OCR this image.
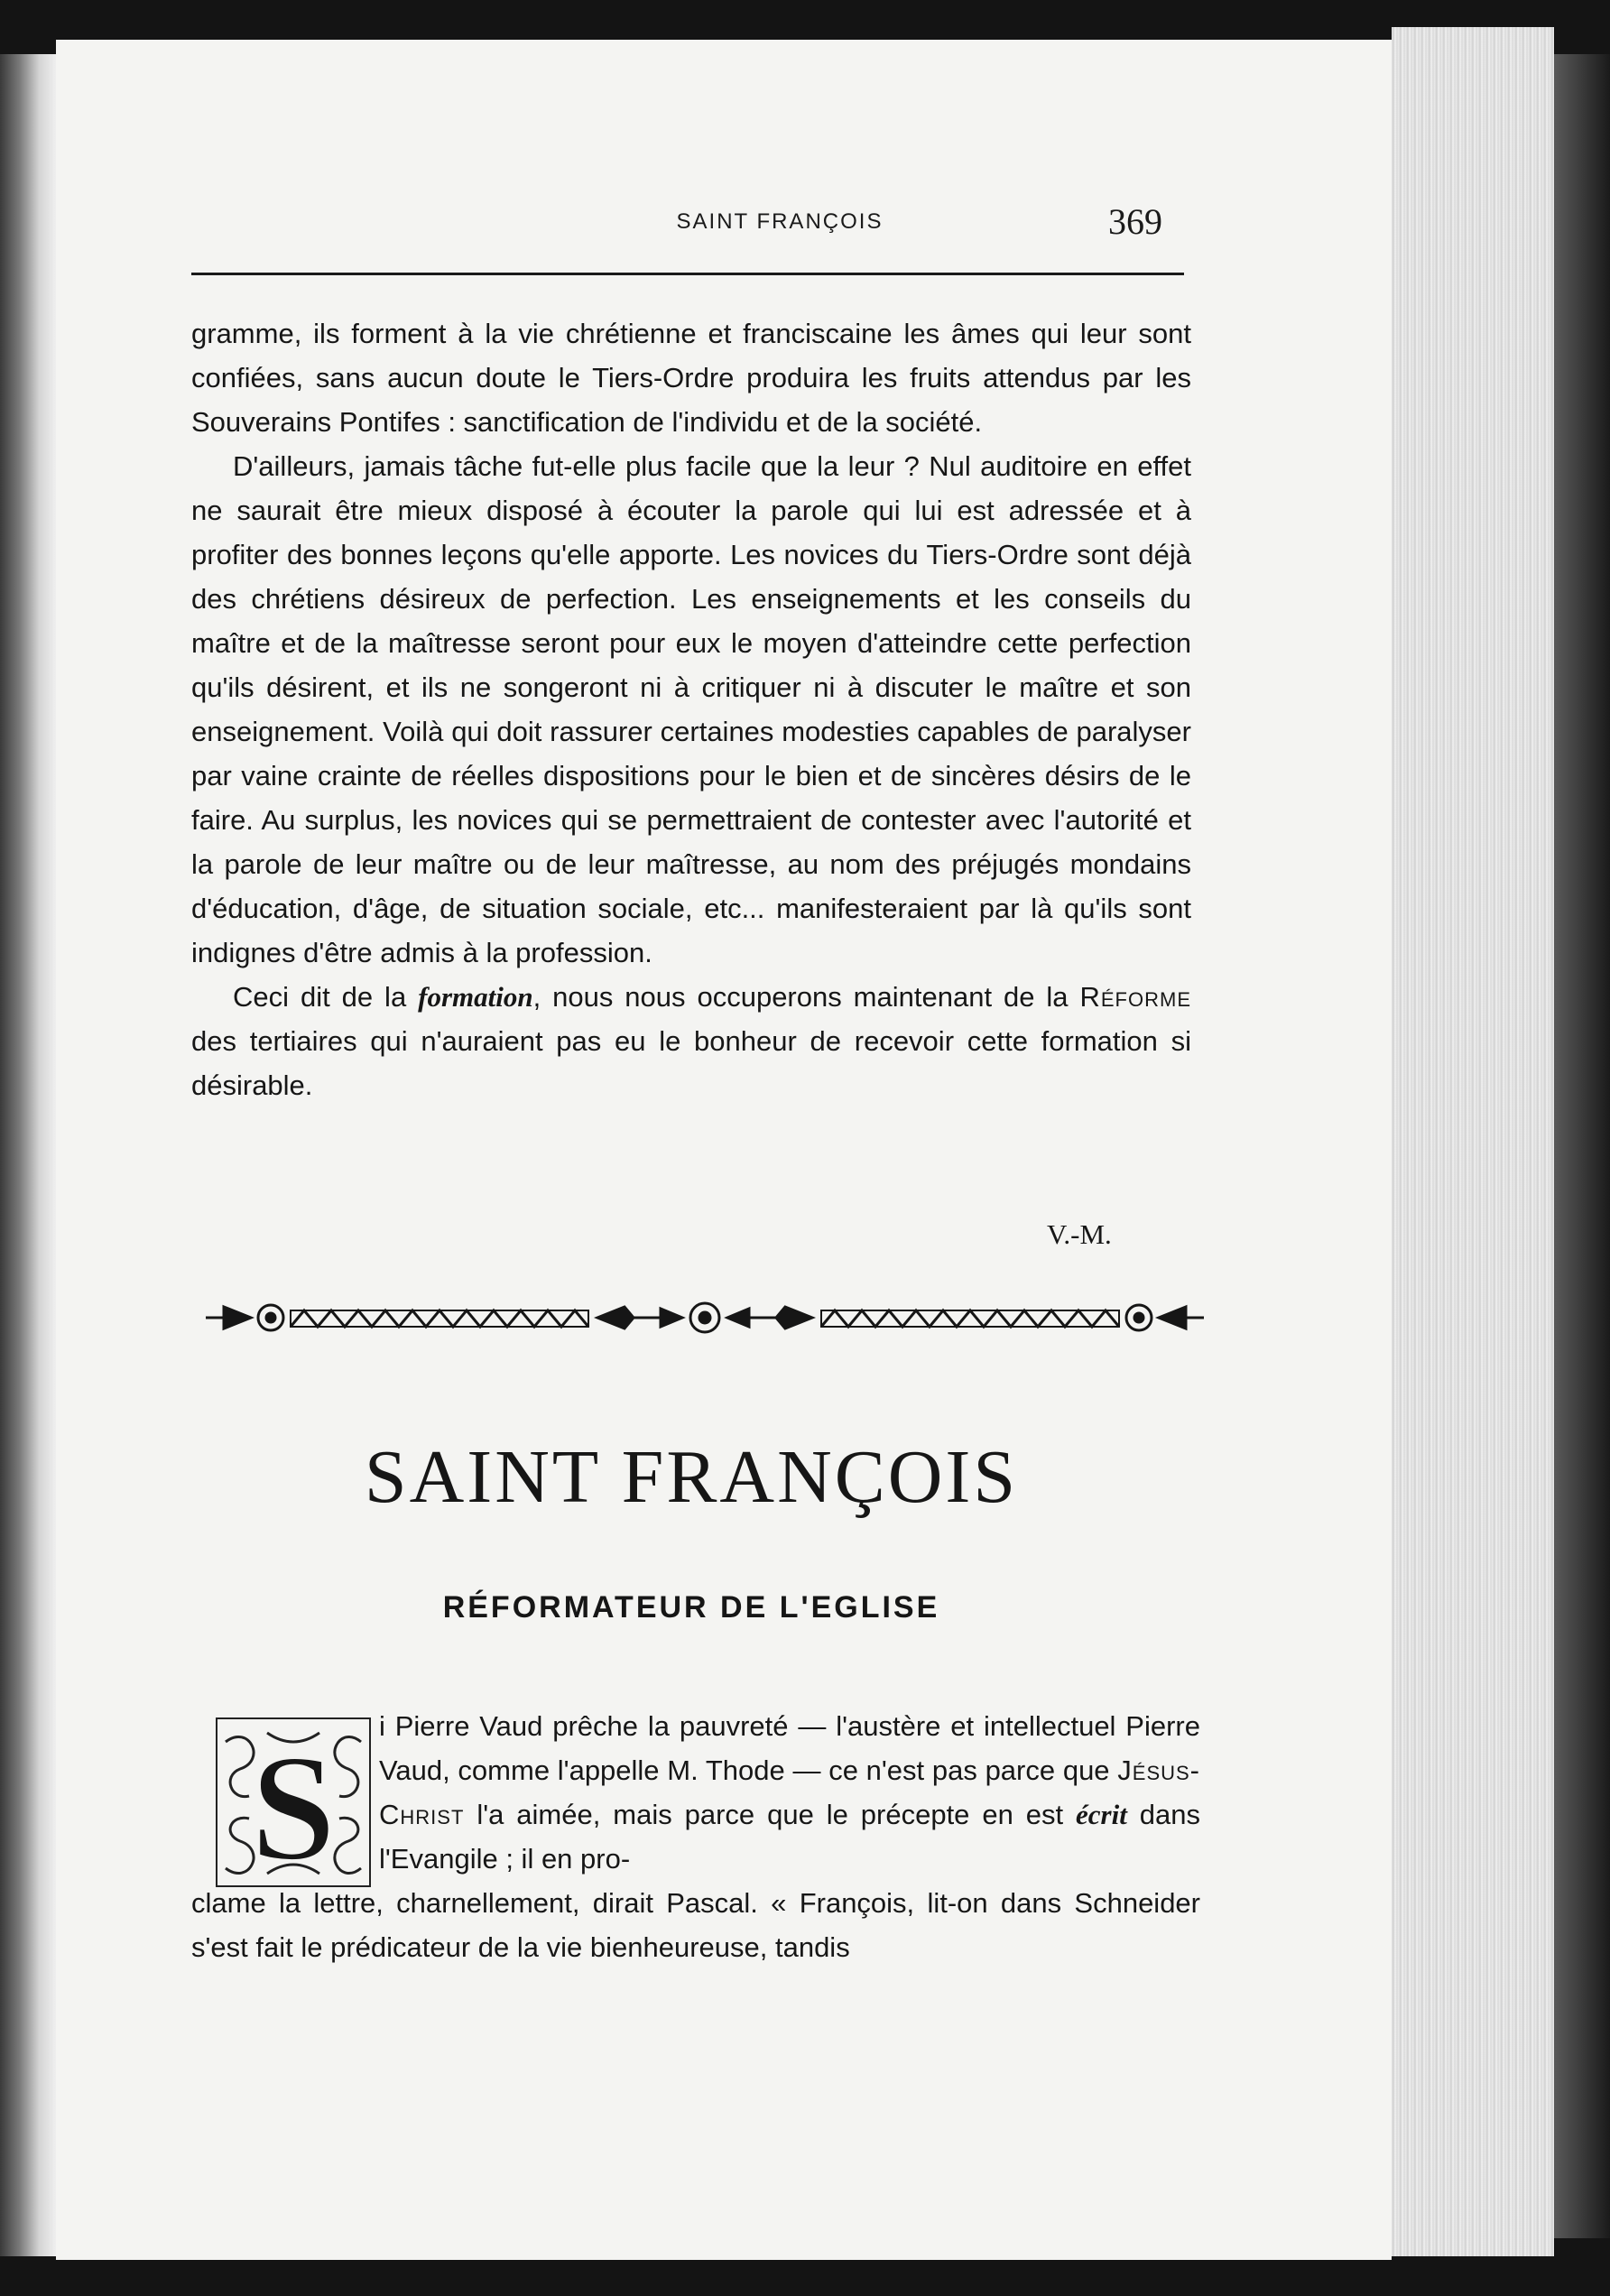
SAINT FRANÇOIS	369

gramme, ils forment à la vie chrétienne et franciscaine les âmes qui leur sont confiées, sans aucun doute le Tiers-Ordre produira les fruits attendus par les Souverains Pontifes : sanctification de l'individu et de la société.

D'ailleurs, jamais tâche fut-elle plus facile que la leur ? Nul auditoire en effet ne saurait être mieux disposé à écouter la parole qui lui est adressée et à profiter des bonnes leçons qu'elle apporte. Les novices du Tiers-Ordre sont déjà des chrétiens désireux de perfection. Les enseignements et les conseils du maître et de la maîtresse seront pour eux le moyen d'atteindre cette perfection qu'ils désirent, et ils ne songeront ni à critiquer ni à discuter le maître et son enseignement. Voilà qui doit rassurer certaines modesties capables de paralyser par vaine crainte de réelles dispositions pour le bien et de sincères désirs de le faire. Au surplus, les novices qui se permettraient de contester avec l'autorité et la parole de leur maître ou de leur maîtresse, au nom des préjugés mondains d'éducation, d'âge, de situation sociale, etc... manifesteraient par là qu'ils sont indignes d'être admis à la profession.

Ceci dit de la formation, nous nous occuperons maintenant de la Réforme des tertiaires qui n'auraient pas eu le bonheur de recevoir cette formation si désirable.

V.-M.
SAINT FRANÇOIS
RÉFORMATEUR DE L'EGLISE
S	i Pierre Vaud prêche la pauvreté — l'austère et intellectuel Pierre Vaud, comme l'appelle M. Thode — ce n'est pas parce que Jésus-Christ l'a aimée, mais parce que le précepte en est écrit dans l'Evangile ; il en pro-

clame la lettre, charnellement, dirait Pascal. « François, lit-on dans Schneider s'est fait le prédicateur de la vie bienheureuse, tandis
